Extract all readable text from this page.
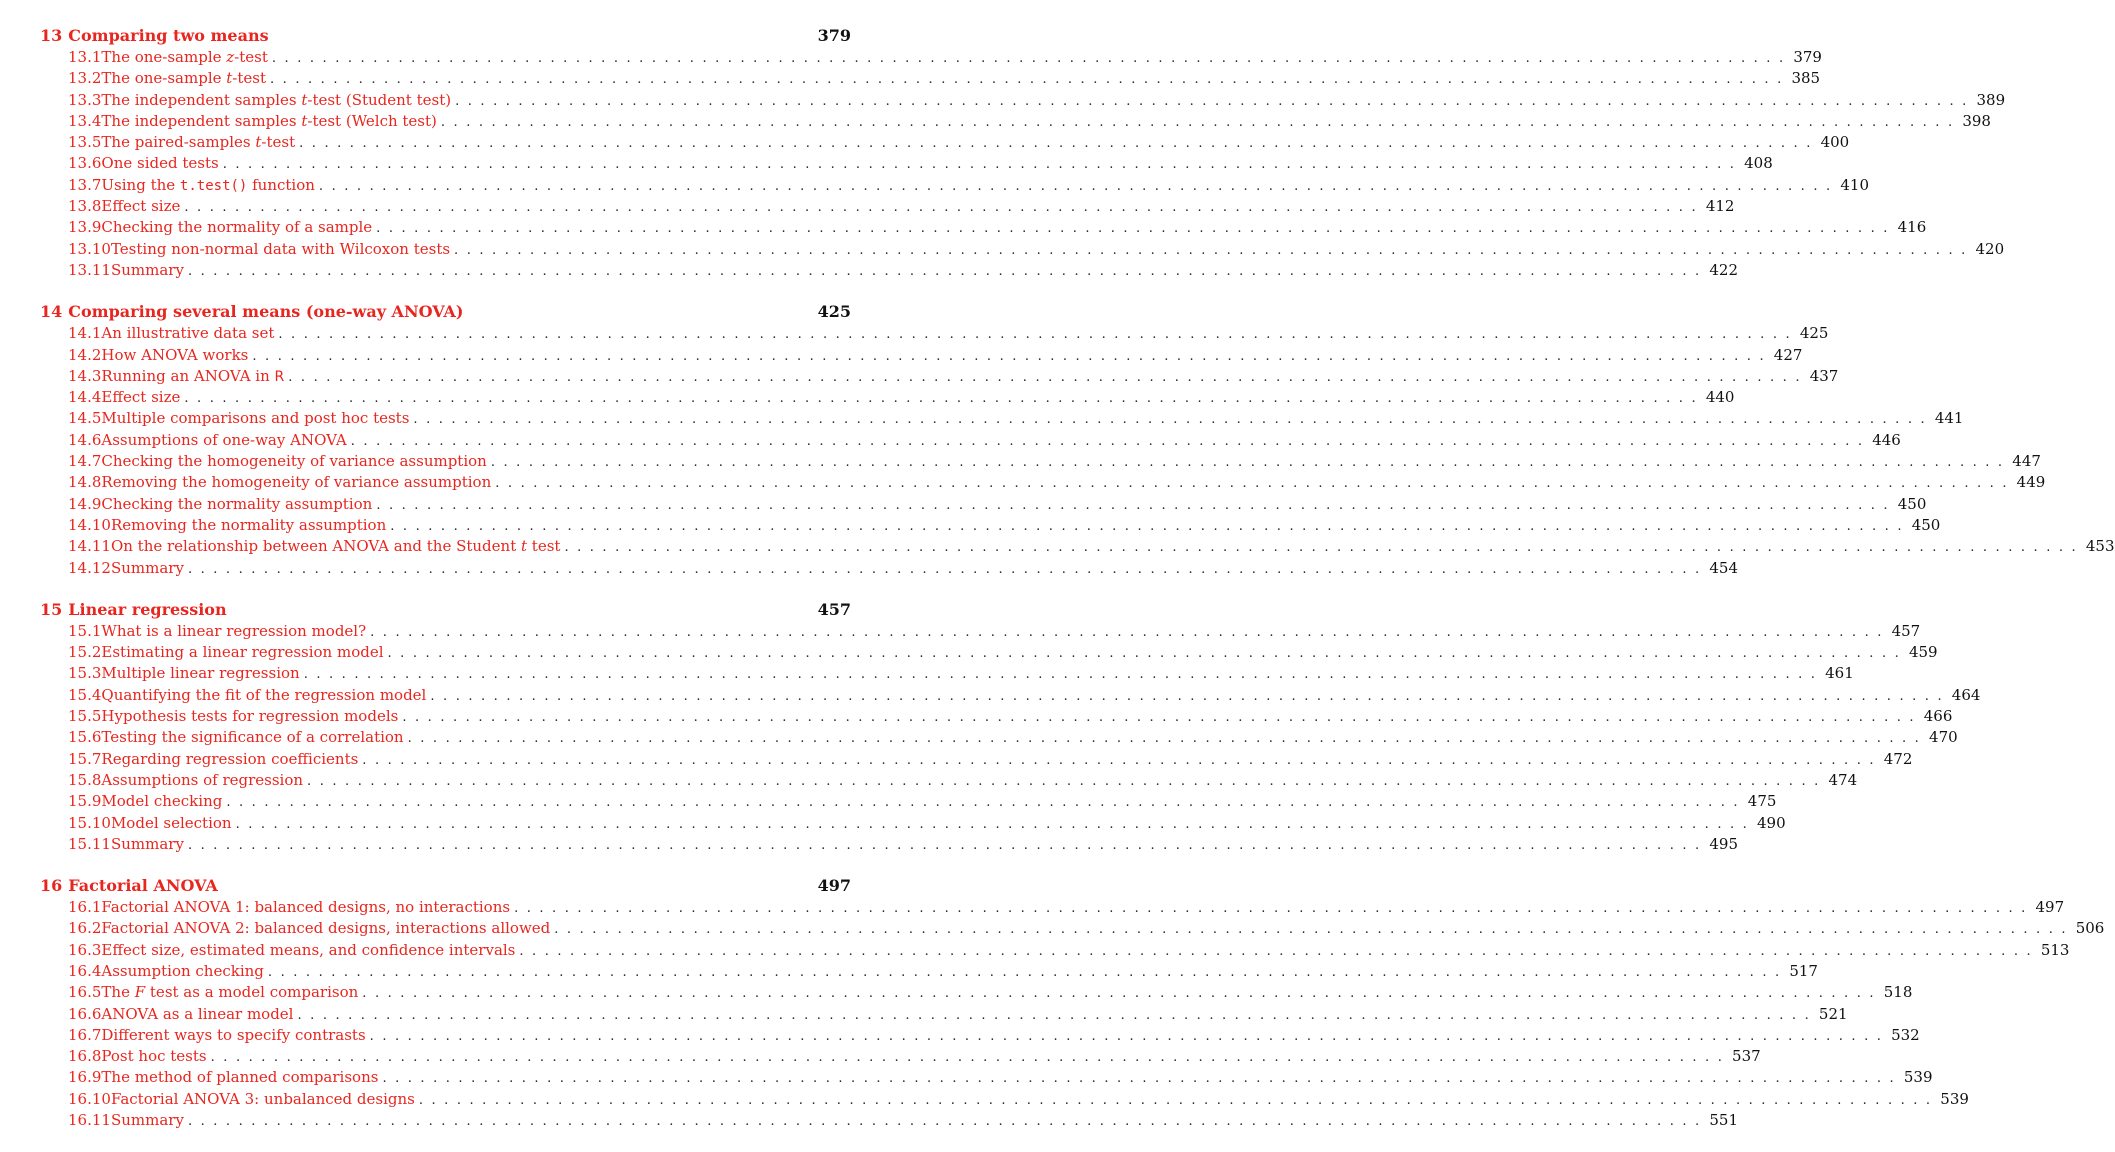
13 Comparing two means	379
13.1 The one-sample z-test . . . . . . . . . . . . . . . . . . . . . . . . . . . . . . . . . . . . . . . . . . . . . . . . . . . . . . . . . . . . . . . . . . . . . . . . . . . . . . . . . . . . . . . . . . . . . . . . . . . . . . . . . . . . . . . . . . . . . . . . 379
13.2 The one-sample t-test . . . . . . . . . . . . . . . . . . . . . . . . . . . . . . . . . . . . . . . . . . . . . . . . . . . . . . . . . . . . . . . . . . . . . . . . . . . . . . . . . . . . . . . . . . . . . . . . . . . . . . . . . . . . . . . . . . . . . . . . 385
13.3 The independent samples t-test (Student test) . . . . . . . . . . . . . . . . . . . . . . . . . . . . . . . . . . . . . . . . . . . . . . . . . . . . . . . . . . . . . . . . . . . . . . . . . . . . . . . . . . . . . . . . . . . . . . . . . . . . . . . . . . . . . . . . . . . . . . . . 389
13.4 The independent samples t-test (Welch test) . . . . . . . . . . . . . . . . . . . . . . . . . . . . . . . . . . . . . . . . . . . . . . . . . . . . . . . . . . . . . . . . . . . . . . . . . . . . . . . . . . . . . . . . . . . . . . . . . . . . . . . . . . . . . . . . . . . . . . . . 398
13.5 The paired-samples t-test . . . . . . . . . . . . . . . . . . . . . . . . . . . . . . . . . . . . . . . . . . . . . . . . . . . . . . . . . . . . . . . . . . . . . . . . . . . . . . . . . . . . . . . . . . . . . . . . . . . . . . . . . . . . . . . . . . . . . . . . 400
13.6 One sided tests . . . . . . . . . . . . . . . . . . . . . . . . . . . . . . . . . . . . . . . . . . . . . . . . . . . . . . . . . . . . . . . . . . . . . . . . . . . . . . . . . . . . . . . . . . . . . . . . . . . . . . . . . . . . . . . . . . . . . . . . 408
13.7 Using the t.test() function . . . . . . . . . . . . . . . . . . . . . . . . . . . . . . . . . . . . . . . . . . . . . . . . . . . . . . . . . . . . . . . . . . . . . . . . . . . . . . . . . . . . . . . . . . . . . . . . . . . . . . . . . . . . . . . . . . . . . . . . 410
13.8 Effect size . . . . . . . . . . . . . . . . . . . . . . . . . . . . . . . . . . . . . . . . . . . . . . . . . . . . . . . . . . . . . . . . . . . . . . . . . . . . . . . . . . . . . . . . . . . . . . . . . . . . . . . . . . . . . . . . . . . . . . . . 412
13.9 Checking the normality of a sample . . . . . . . . . . . . . . . . . . . . . . . . . . . . . . . . . . . . . . . . . . . . . . . . . . . . . . . . . . . . . . . . . . . . . . . . . . . . . . . . . . . . . . . . . . . . . . . . . . . . . . . . . . . . . . . . . . . . . . . . 416
13.10 Testing non-normal data with Wilcoxon tests . . . . . . . . . . . . . . . . . . . . . . . . . . . . . . . . . . . . . . . . . . . . . . . . . . . . . . . . . . . . . . . . . . . . . . . . . . . . . . . . . . . . . . . . . . . . . . . . . . . . . . . . . . . . . . . . . . . . . . . . 420
13.11 Summary . . . . . . . . . . . . . . . . . . . . . . . . . . . . . . . . . . . . . . . . . . . . . . . . . . . . . . . . . . . . . . . . . . . . . . . . . . . . . . . . . . . . . . . . . . . . . . . . . . . . . . . . . . . . . . . . . . . . . . . . 422
14 Comparing several means (one-way ANOVA)	425
14.1 An illustrative data set . . . . . . . . . . . . . . . . . . . . . . . . . . . . . . . . . . . . . . . . . . . . . . . . . . . . . . . . . . . . . . . . . . . . . . . . . . . . . . . . . . . . . . . . . . . . . . . . . . . . . . . . . . . . . . . . . . . . . . . . 425
14.2 How ANOVA works . . . . . . . . . . . . . . . . . . . . . . . . . . . . . . . . . . . . . . . . . . . . . . . . . . . . . . . . . . . . . . . . . . . . . . . . . . . . . . . . . . . . . . . . . . . . . . . . . . . . . . . . . . . . . . . . . . . . . . . . 427
14.3 Running an ANOVA in R . . . . . . . . . . . . . . . . . . . . . . . . . . . . . . . . . . . . . . . . . . . . . . . . . . . . . . . . . . . . . . . . . . . . . . . . . . . . . . . . . . . . . . . . . . . . . . . . . . . . . . . . . . . . . . . . . . . . . . . . 437
14.4 Effect size . . . . . . . . . . . . . . . . . . . . . . . . . . . . . . . . . . . . . . . . . . . . . . . . . . . . . . . . . . . . . . . . . . . . . . . . . . . . . . . . . . . . . . . . . . . . . . . . . . . . . . . . . . . . . . . . . . . . . . . . 440
14.5 Multiple comparisons and post hoc tests . . . . . . . . . . . . . . . . . . . . . . . . . . . . . . . . . . . . . . . . . . . . . . . . . . . . . . . . . . . . . . . . . . . . . . . . . . . . . . . . . . . . . . . . . . . . . . . . . . . . . . . . . . . . . . . . . . . . . . . . 441
14.6 Assumptions of one-way ANOVA . . . . . . . . . . . . . . . . . . . . . . . . . . . . . . . . . . . . . . . . . . . . . . . . . . . . . . . . . . . . . . . . . . . . . . . . . . . . . . . . . . . . . . . . . . . . . . . . . . . . . . . . . . . . . . . . . . . . . . . . 446
14.7 Checking the homogeneity of variance assumption . . . . . . . . . . . . . . . . . . . . . . . . . . . . . . . . . . . . . . . . . . . . . . . . . . . . . . . . . . . . . . . . . . . . . . . . . . . . . . . . . . . . . . . . . . . . . . . . . . . . . . . . . . . . . . . . . . . . . . . . 447
14.8 Removing the homogeneity of variance assumption . . . . . . . . . . . . . . . . . . . . . . . . . . . . . . . . . . . . . . . . . . . . . . . . . . . . . . . . . . . . . . . . . . . . . . . . . . . . . . . . . . . . . . . . . . . . . . . . . . . . . . . . . . . . . . . . . . . . . . . . 449
14.9 Checking the normality assumption . . . . . . . . . . . . . . . . . . . . . . . . . . . . . . . . . . . . . . . . . . . . . . . . . . . . . . . . . . . . . . . . . . . . . . . . . . . . . . . . . . . . . . . . . . . . . . . . . . . . . . . . . . . . . . . . . . . . . . . . 450
14.10 Removing the normality assumption . . . . . . . . . . . . . . . . . . . . . . . . . . . . . . . . . . . . . . . . . . . . . . . . . . . . . . . . . . . . . . . . . . . . . . . . . . . . . . . . . . . . . . . . . . . . . . . . . . . . . . . . . . . . . . . . . . . . . . . . 450
14.11 On the relationship between ANOVA and the Student t test . . . . . . . . . . . . . . . . . . . . . . . . . . . . . . . . . . . . . . . . . . . . . . . . . . . . . . . . . . . . . . . . . . . . . . . . . . . . . . . . . . . . . . . . . . . . . . . . . . . . . . . . . . . . . . . . . . . . . . . . 453
14.12 Summary . . . . . . . . . . . . . . . . . . . . . . . . . . . . . . . . . . . . . . . . . . . . . . . . . . . . . . . . . . . . . . . . . . . . . . . . . . . . . . . . . . . . . . . . . . . . . . . . . . . . . . . . . . . . . . . . . . . . . . . . 454
15 Linear regression	457
15.1 What is a linear regression model? . . . . . . . . . . . . . . . . . . . . . . . . . . . . . . . . . . . . . . . . . . . . . . . . . . . . . . . . . . . . . . . . . . . . . . . . . . . . . . . . . . . . . . . . . . . . . . . . . . . . . . . . . . . . . . . . . . . . . . . . 457
15.2 Estimating a linear regression model . . . . . . . . . . . . . . . . . . . . . . . . . . . . . . . . . . . . . . . . . . . . . . . . . . . . . . . . . . . . . . . . . . . . . . . . . . . . . . . . . . . . . . . . . . . . . . . . . . . . . . . . . . . . . . . . . . . . . . . . 459
15.3 Multiple linear regression . . . . . . . . . . . . . . . . . . . . . . . . . . . . . . . . . . . . . . . . . . . . . . . . . . . . . . . . . . . . . . . . . . . . . . . . . . . . . . . . . . . . . . . . . . . . . . . . . . . . . . . . . . . . . . . . . . . . . . . . 461
15.4 Quantifying the fit of the regression model . . . . . . . . . . . . . . . . . . . . . . . . . . . . . . . . . . . . . . . . . . . . . . . . . . . . . . . . . . . . . . . . . . . . . . . . . . . . . . . . . . . . . . . . . . . . . . . . . . . . . . . . . . . . . . . . . . . . . . . . 464
15.5 Hypothesis tests for regression models . . . . . . . . . . . . . . . . . . . . . . . . . . . . . . . . . . . . . . . . . . . . . . . . . . . . . . . . . . . . . . . . . . . . . . . . . . . . . . . . . . . . . . . . . . . . . . . . . . . . . . . . . . . . . . . . . . . . . . . . 466
15.6 Testing the significance of a correlation . . . . . . . . . . . . . . . . . . . . . . . . . . . . . . . . . . . . . . . . . . . . . . . . . . . . . . . . . . . . . . . . . . . . . . . . . . . . . . . . . . . . . . . . . . . . . . . . . . . . . . . . . . . . . . . . . . . . . . . . 470
15.7 Regarding regression coefficients . . . . . . . . . . . . . . . . . . . . . . . . . . . . . . . . . . . . . . . . . . . . . . . . . . . . . . . . . . . . . . . . . . . . . . . . . . . . . . . . . . . . . . . . . . . . . . . . . . . . . . . . . . . . . . . . . . . . . . . . 472
15.8 Assumptions of regression . . . . . . . . . . . . . . . . . . . . . . . . . . . . . . . . . . . . . . . . . . . . . . . . . . . . . . . . . . . . . . . . . . . . . . . . . . . . . . . . . . . . . . . . . . . . . . . . . . . . . . . . . . . . . . . . . . . . . . . . 474
15.9 Model checking . . . . . . . . . . . . . . . . . . . . . . . . . . . . . . . . . . . . . . . . . . . . . . . . . . . . . . . . . . . . . . . . . . . . . . . . . . . . . . . . . . . . . . . . . . . . . . . . . . . . . . . . . . . . . . . . . . . . . . . . 475
15.10 Model selection . . . . . . . . . . . . . . . . . . . . . . . . . . . . . . . . . . . . . . . . . . . . . . . . . . . . . . . . . . . . . . . . . . . . . . . . . . . . . . . . . . . . . . . . . . . . . . . . . . . . . . . . . . . . . . . . . . . . . . . . 490
15.11 Summary . . . . . . . . . . . . . . . . . . . . . . . . . . . . . . . . . . . . . . . . . . . . . . . . . . . . . . . . . . . . . . . . . . . . . . . . . . . . . . . . . . . . . . . . . . . . . . . . . . . . . . . . . . . . . . . . . . . . . . . . 495
16 Factorial ANOVA	497
16.1 Factorial ANOVA 1: balanced designs, no interactions . . . . . . . . . . . . . . . . . . . . . . . . . . . . . . . . . . . . . . . . . . . . . . . . . . . . . . . . . . . . . . . . . . . . . . . . . . . . . . . . . . . . . . . . . . . . . . . . . . . . . . . . . . . . . . . . . . . . . . . . 497
16.2 Factorial ANOVA 2: balanced designs, interactions allowed . . . . . . . . . . . . . . . . . . . . . . . . . . . . . . . . . . . . . . . . . . . . . . . . . . . . . . . . . . . . . . . . . . . . . . . . . . . . . . . . . . . . . . . . . . . . . . . . . . . . . . . . . . . . . . . . . . . . . . . . 506
16.3 Effect size, estimated means, and confidence intervals . . . . . . . . . . . . . . . . . . . . . . . . . . . . . . . . . . . . . . . . . . . . . . . . . . . . . . . . . . . . . . . . . . . . . . . . . . . . . . . . . . . . . . . . . . . . . . . . . . . . . . . . . . . . . . . . . . . . . . . . 513
16.4 Assumption checking . . . . . . . . . . . . . . . . . . . . . . . . . . . . . . . . . . . . . . . . . . . . . . . . . . . . . . . . . . . . . . . . . . . . . . . . . . . . . . . . . . . . . . . . . . . . . . . . . . . . . . . . . . . . . . . . . . . . . . . . 517
16.5 The F test as a model comparison . . . . . . . . . . . . . . . . . . . . . . . . . . . . . . . . . . . . . . . . . . . . . . . . . . . . . . . . . . . . . . . . . . . . . . . . . . . . . . . . . . . . . . . . . . . . . . . . . . . . . . . . . . . . . . . . . . . . . . . . 518
16.6 ANOVA as a linear model . . . . . . . . . . . . . . . . . . . . . . . . . . . . . . . . . . . . . . . . . . . . . . . . . . . . . . . . . . . . . . . . . . . . . . . . . . . . . . . . . . . . . . . . . . . . . . . . . . . . . . . . . . . . . . . . . . . . . . . . 521
16.7 Different ways to specify contrasts . . . . . . . . . . . . . . . . . . . . . . . . . . . . . . . . . . . . . . . . . . . . . . . . . . . . . . . . . . . . . . . . . . . . . . . . . . . . . . . . . . . . . . . . . . . . . . . . . . . . . . . . . . . . . . . . . . . . . . . . 532
16.8 Post hoc tests . . . . . . . . . . . . . . . . . . . . . . . . . . . . . . . . . . . . . . . . . . . . . . . . . . . . . . . . . . . . . . . . . . . . . . . . . . . . . . . . . . . . . . . . . . . . . . . . . . . . . . . . . . . . . . . . . . . . . . . . 537
16.9 The method of planned comparisons . . . . . . . . . . . . . . . . . . . . . . . . . . . . . . . . . . . . . . . . . . . . . . . . . . . . . . . . . . . . . . . . . . . . . . . . . . . . . . . . . . . . . . . . . . . . . . . . . . . . . . . . . . . . . . . . . . . . . . . . 539
16.10 Factorial ANOVA 3: unbalanced designs . . . . . . . . . . . . . . . . . . . . . . . . . . . . . . . . . . . . . . . . . . . . . . . . . . . . . . . . . . . . . . . . . . . . . . . . . . . . . . . . . . . . . . . . . . . . . . . . . . . . . . . . . . . . . . . . . . . . . . . . 539
16.11 Summary . . . . . . . . . . . . . . . . . . . . . . . . . . . . . . . . . . . . . . . . . . . . . . . . . . . . . . . . . . . . . . . . . . . . . . . . . . . . . . . . . . . . . . . . . . . . . . . . . . . . . . . . . . . . . . . . . . . . . . . . 551
